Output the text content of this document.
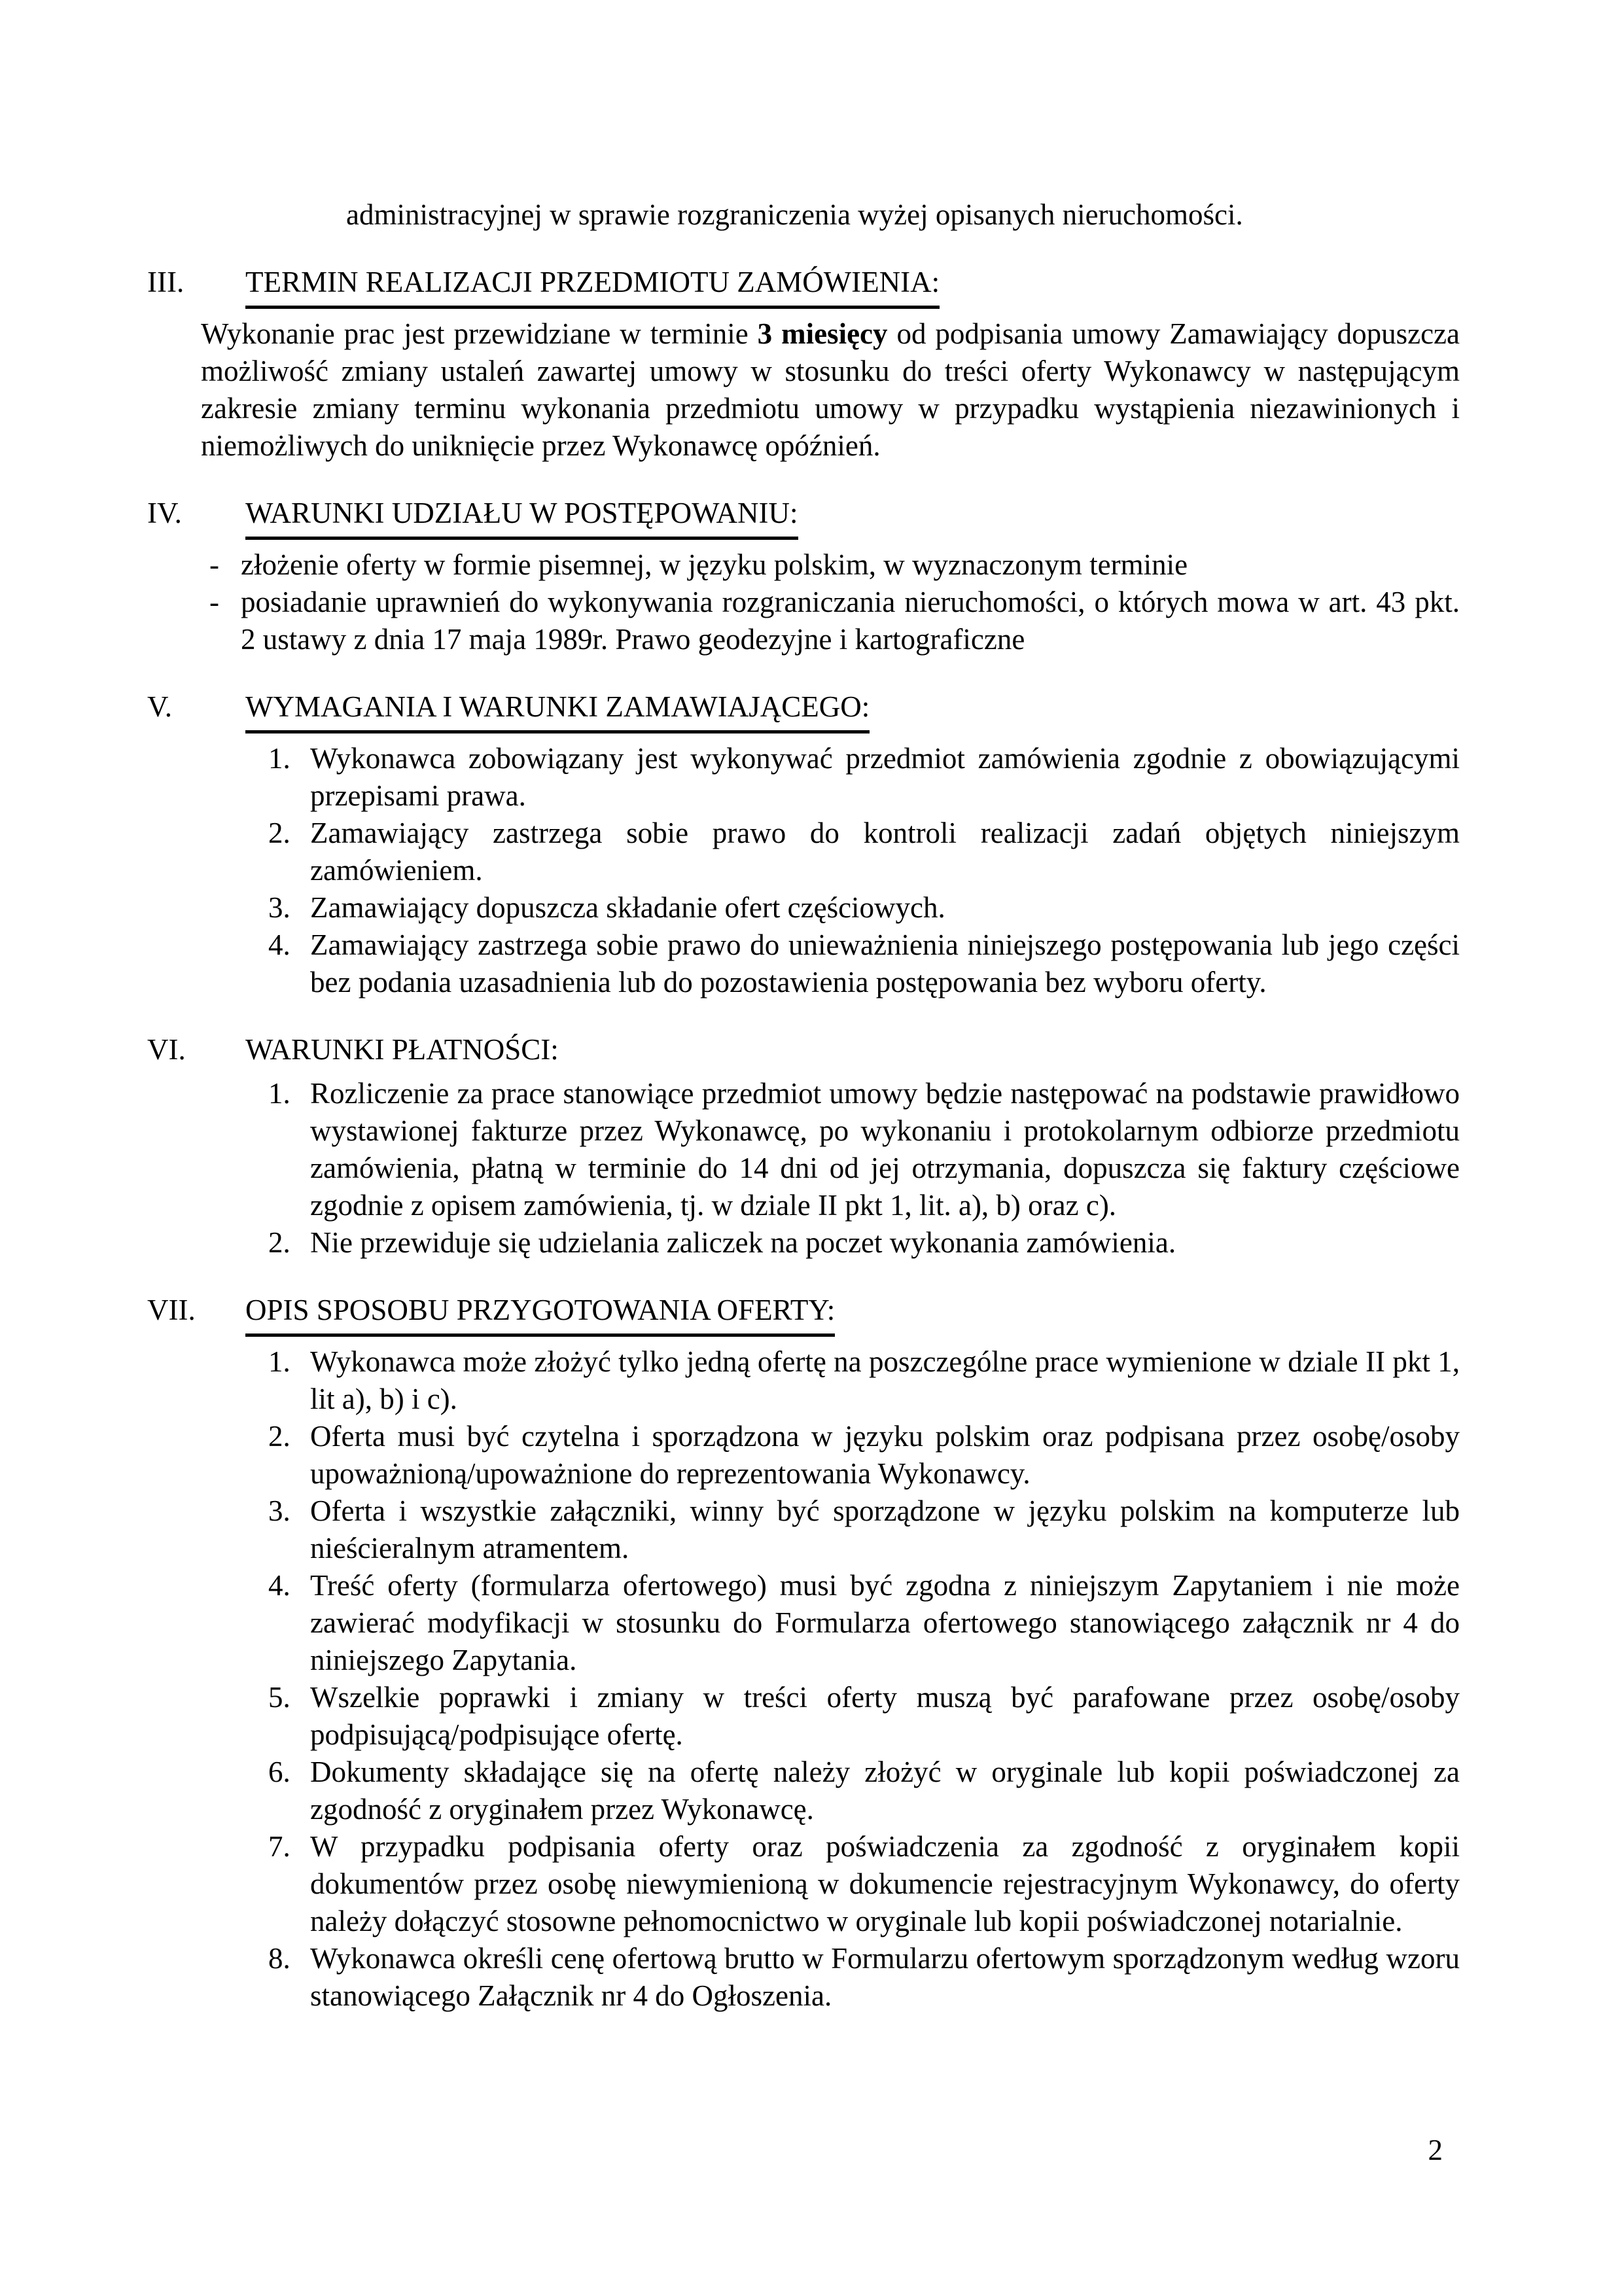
administracyjnej w sprawie rozgraniczenia wyżej opisanych nieruchomości.

III.	TERMIN REALIZACJI PRZEDMIOTU ZAMÓWIENIA:

Wykonanie prac jest przewidziane w terminie 3 miesięcy od podpisania umowy Zamawiający dopuszcza możliwość zmiany ustaleń zawartej umowy w stosunku do treści oferty Wykonawcy w następującym zakresie zmiany terminu wykonania przedmiotu umowy w przypadku wystąpienia niezawinionych i niemożliwych do uniknięcie przez Wykonawcę opóźnień.

IV.	WARUNKI UDZIAŁU W POSTĘPOWANIU:
- złożenie oferty w formie pisemnej, w języku polskim, w wyznaczonym terminie
- posiadanie uprawnień do wykonywania rozgraniczania nieruchomości, o których mowa w art. 43 pkt. 2 ustawy z dnia 17 maja 1989r. Prawo geodezyjne i kartograficzne
V.	WYMAGANIA I WARUNKI ZAMAWIAJĄCEGO:
1. Wykonawca zobowiązany jest wykonywać przedmiot zamówienia zgodnie z obowiązującymi przepisami prawa.
2. Zamawiający zastrzega sobie prawo do kontroli realizacji zadań objętych niniejszym zamówieniem.
3. Zamawiający dopuszcza składanie ofert częściowych.
4. Zamawiający zastrzega sobie prawo do unieważnienia niniejszego postępowania lub jego części bez podania uzasadnienia lub do pozostawienia postępowania bez wyboru oferty.
VI.	WARUNKI PŁATNOŚCI:
1. Rozliczenie za prace stanowiące przedmiot umowy będzie następować na podstawie prawidłowo wystawionej fakturze przez Wykonawcę, po wykonaniu i protokolarnym odbiorze przedmiotu zamówienia, płatną w terminie do 14 dni od jej otrzymania, dopuszcza się faktury częściowe zgodnie z opisem zamówienia, tj. w dziale II pkt 1, lit. a), b) oraz c).
2. Nie przewiduje się udzielania zaliczek na poczet wykonania zamówienia.
VII.	OPIS SPOSOBU PRZYGOTOWANIA OFERTY:
1. Wykonawca może złożyć tylko jedną ofertę na poszczególne prace wymienione w dziale II pkt 1, lit a), b) i c).
2. Oferta musi być czytelna i sporządzona w języku polskim oraz podpisana przez osobę/osoby upoważnioną/upoważnione do reprezentowania Wykonawcy.
3. Oferta i wszystkie załączniki, winny być sporządzone w języku polskim na komputerze lub nieścieralnym atramentem.
4. Treść oferty (formularza ofertowego) musi być zgodna z niniejszym Zapytaniem i nie może zawierać modyfikacji w stosunku do Formularza ofertowego stanowiącego załącznik nr 4 do niniejszego Zapytania.
5. Wszelkie poprawki i zmiany w treści oferty muszą być parafowane przez osobę/osoby podpisującą/podpisujące ofertę.
6. Dokumenty składające się na ofertę należy złożyć w oryginale lub kopii poświadczonej za zgodność z oryginałem przez Wykonawcę.
7. W przypadku podpisania oferty oraz poświadczenia za zgodność z oryginałem kopii dokumentów przez osobę niewymienioną w dokumencie rejestracyjnym Wykonawcy, do oferty należy dołączyć stosowne pełnomocnictwo w oryginale lub kopii poświadczonej notarialnie.
8. Wykonawca określi cenę ofertową brutto w Formularzu ofertowym sporządzonym według wzoru stanowiącego Załącznik nr 4 do Ogłoszenia.
2
